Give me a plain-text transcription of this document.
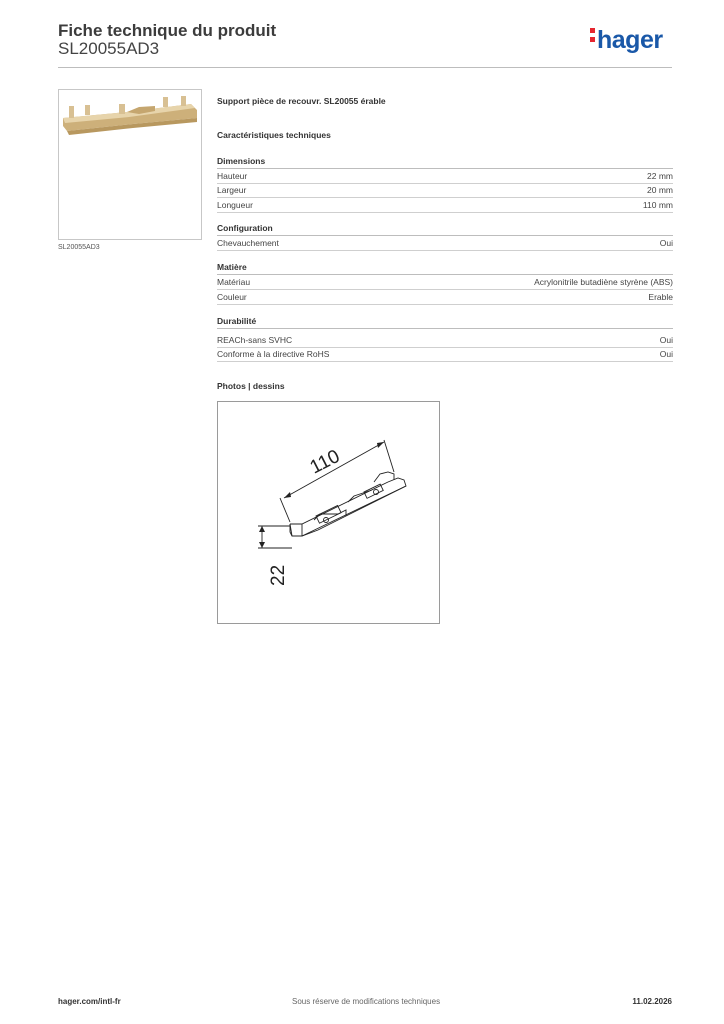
Fiche technique du produit
SL20055AD3	hager
SL20055AD3
Support pièce de recouvr. SL20055 érable
Caractéristiques techniques
Dimensions
Hauteur	22 mm
Largeur	20 mm
Longueur	110 mm
Configuration
Chevauchement	Oui
Matière
Matériau	Acrylonitrile butadiène styrène (ABS)
Couleur	Erable
Durabilité
REACh-sans SVHC	Oui
Conforme à la directive RoHS	Oui
Photos | dessins
110
22
hager.com/intl-fr	Sous réserve de modifications techniques	11.02.2026
